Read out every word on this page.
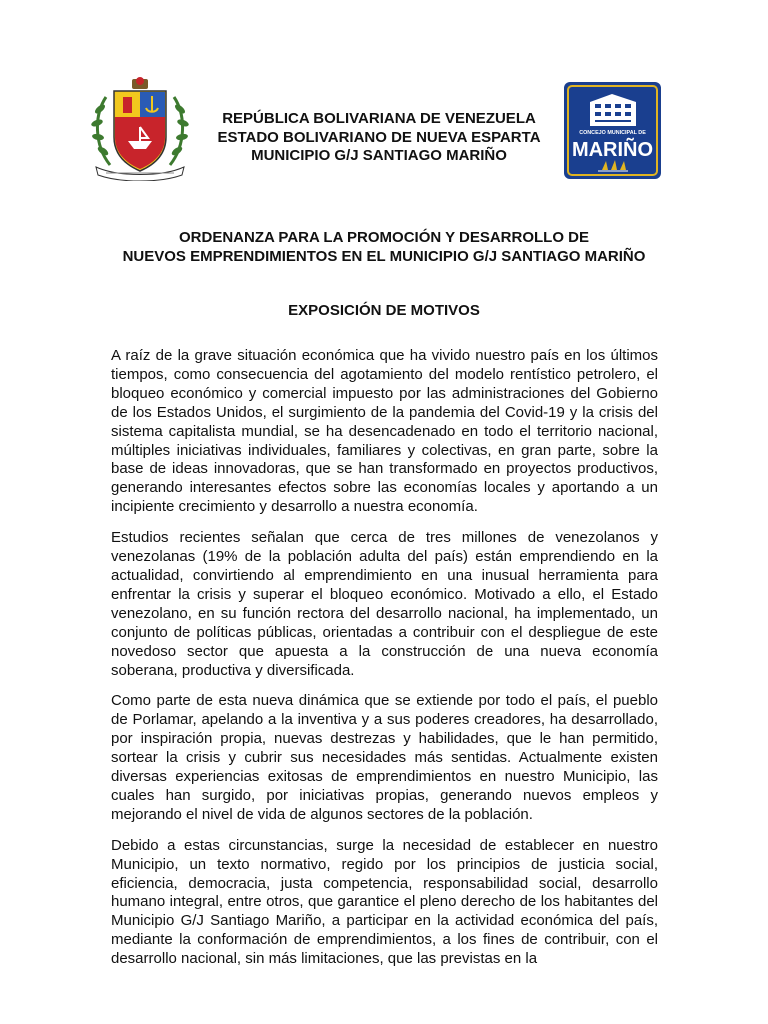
REPÚBLICA BOLIVARIANA DE VENEZUELA
ESTADO BOLIVARIANO DE NUEVA ESPARTA
MUNICIPIO G/J SANTIAGO MARIÑO
CONCEJO MUNICIPAL DE
MARIÑO
ORDENANZA PARA LA PROMOCIÓN Y DESARROLLO DE
NUEVOS EMPRENDIMIENTOS EN EL MUNICIPIO G/J SANTIAGO MARIÑO
EXPOSICIÓN DE MOTIVOS

A raíz de la grave situación económica que ha vivido nuestro país en los últimos tiempos, como consecuencia del agotamiento del modelo rentístico petrolero, el bloqueo económico y comercial impuesto por las administraciones del Gobierno de los Estados Unidos, el surgimiento de la pandemia del Covid-19 y la crisis del sistema capitalista mundial, se ha desencadenado en todo el territorio nacional, múltiples iniciativas individuales, familiares y colectivas, en gran parte, sobre la base de ideas innovadoras, que se han transformado en proyectos productivos, generando interesantes efectos sobre las economías locales y aportando a un incipiente crecimiento y desarrollo a nuestra economía.

Estudios recientes señalan que cerca de tres millones de venezolanos y venezolanas (19% de la población adulta del país) están emprendiendo en la actualidad, convirtiendo al emprendimiento en una inusual herramienta para enfrentar la crisis y superar el bloqueo económico. Motivado a ello, el Estado venezolano, en su función rectora del desarrollo nacional, ha implementado, un conjunto de políticas públicas, orientadas a contribuir con el despliegue de este novedoso sector que apuesta a la construcción de una nueva economía soberana, productiva y diversificada.

Como parte de esta nueva dinámica que se extiende por todo el país, el pueblo de Porlamar, apelando a la inventiva y a sus poderes creadores, ha desarrollado, por inspiración propia, nuevas destrezas y habilidades, que le han permitido, sortear la crisis y cubrir sus necesidades más sentidas. Actualmente existen diversas experiencias exitosas de emprendimientos en nuestro Municipio, las cuales han surgido, por iniciativas propias, generando nuevos empleos y mejorando el nivel de vida de algunos sectores de la población.

Debido a estas circunstancias, surge la necesidad de establecer en nuestro Municipio, un texto normativo, regido por los principios de justicia social, eficiencia, democracia, justa competencia, responsabilidad social, desarrollo humano integral, entre otros, que garantice el pleno derecho de los habitantes del Municipio G/J Santiago Mariño, a participar en la actividad económica del país, mediante la conformación de emprendimientos, a los fines de contribuir, con el desarrollo nacional, sin más limitaciones, que las previstas en la
